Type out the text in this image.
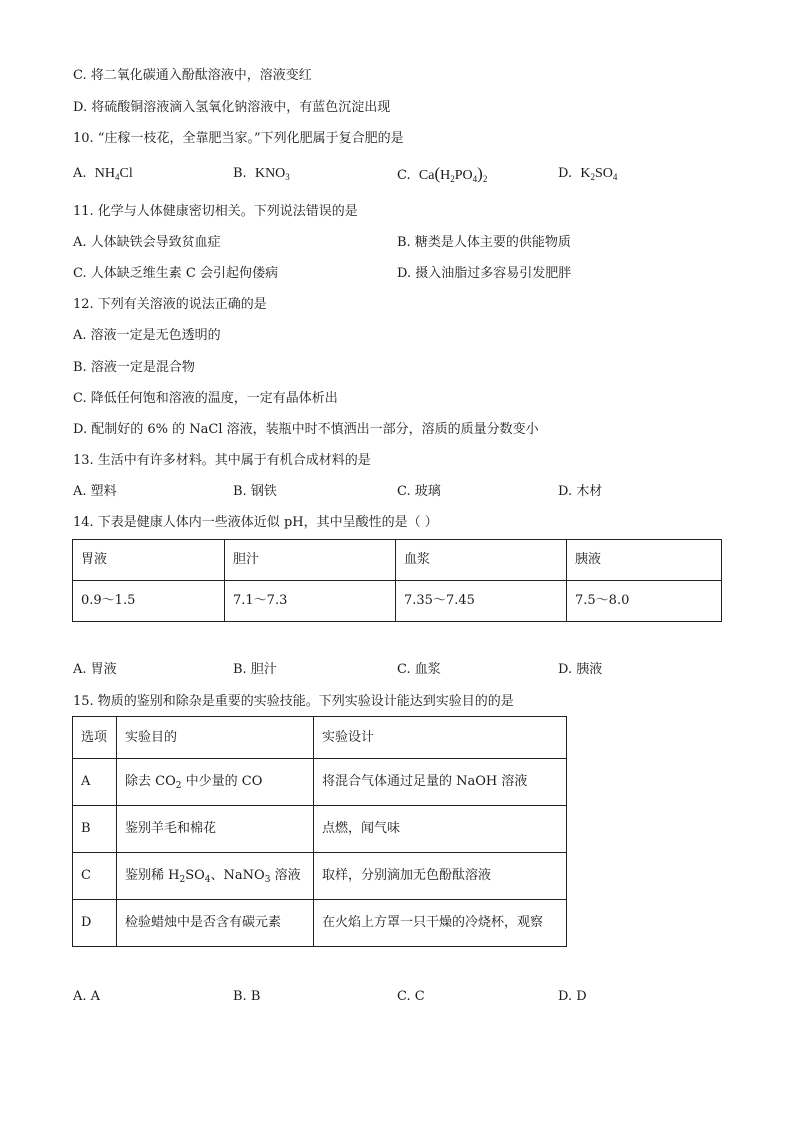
C. 将二氧化碳通入酚酞溶液中，溶液变红
D. 将硫酸铜溶液滴入氢氧化钠溶液中，有蓝色沉淀出现
10. “庄稼一枝花，全靠肥当家。”下列化肥属于复合肥的是
A. $NH_4Cl$	B. $KNO_3$	C. $Ca(H_2PO_4)_2$	D. $K_2SO_4$
11. 化学与人体健康密切相关。下列说法错误的是
A. 人体缺铁会导致贫血症	B. 糖类是人体主要的供能物质
C. 人体缺乏维生素 C 会引起佝偻病	D. 摄入油脂过多容易引发肥胖
12. 下列有关溶液的说法正确的是
A. 溶液一定是无色透明的
B. 溶液一定是混合物
C. 降低任何饱和溶液的温度，一定有晶体析出
D. 配制好的 6% 的 NaCl 溶液，装瓶中时不慎洒出一部分，溶质的质量分数变小
13. 生活中有许多材料。其中属于有机合成材料的是
A. 塑料	B. 钢铁	C. 玻璃	D. 木材
14. 下表是健康人体内一些液体近似 pH，其中呈酸性的是（ ）
胃液	胆汁	血浆	胰液
0.9～1.5	7.1～7.3	7.35～7.45	7.5～8.0
A. 胃液	B. 胆汁	C. 血浆	D. 胰液
15. 物质的鉴别和除杂是重要的实验技能。下列实验设计能达到实验目的的是
选项	实验目的	实验设计
A	除去 $CO_2$ 中少量的 CO	将混合气体通过足量的 NaOH 溶液
B	鉴别羊毛和棉花	点燃，闻气味
C	鉴别稀 $H_2SO_4$、NaNO$_3$ 溶液	取样，分别滴加无色酚酞溶液
D	检验蜡烛中是否含有碳元素	在火焰上方罩一只干燥的冷烧杯，观察
A. A	B. B	C. C	D. D
